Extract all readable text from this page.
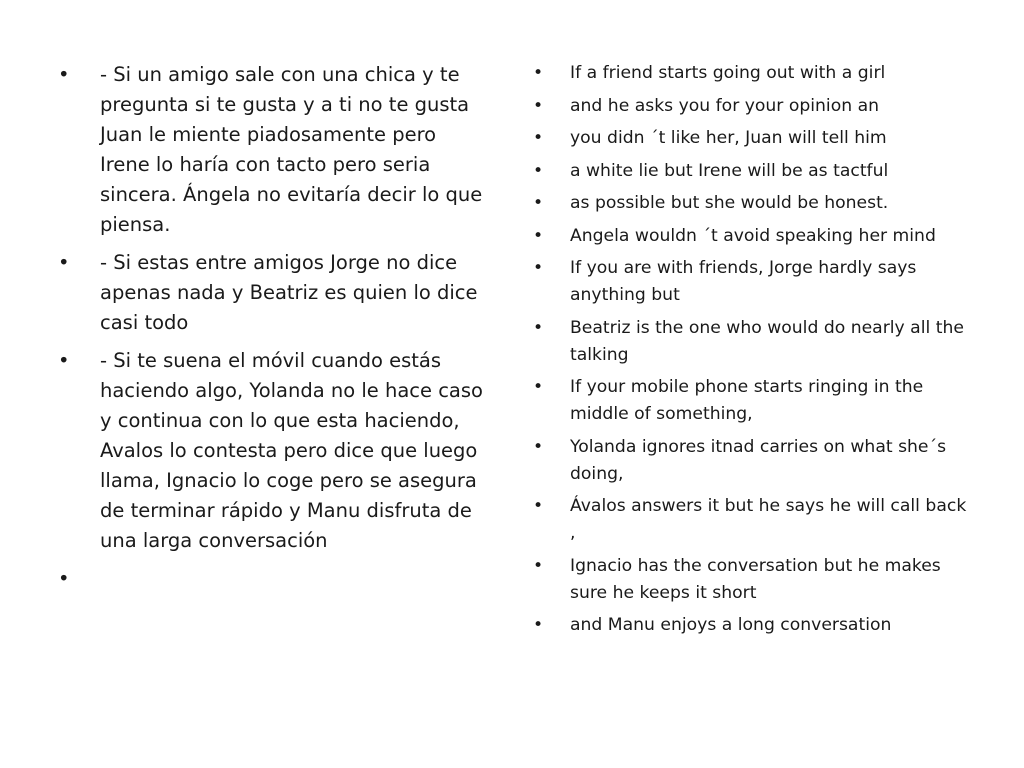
•	- Si un amigo sale con una chica y te pregunta si te gusta y a ti no te gusta Juan le miente piadosamente pero Irene lo haría con tacto pero seria sincera. Ángela no evitaría decir lo que piensa.
•	- Si estas entre amigos Jorge no dice apenas nada y Beatriz es quien lo dice casi todo
•	- Si te suena el móvil cuando estás haciendo algo, Yolanda no le hace caso y continua con lo que esta haciendo, Avalos lo contesta pero dice que luego llama, Ignacio lo coge pero se asegura de terminar rápido y Manu disfruta de una larga conversación
•
•	If a friend starts going out with a girl
•	and he asks you for your opinion an
•	you didn ´t like her, Juan will tell him
•	a white lie but Irene will be as tactful
•	as possible but she would be honest.
•	Angela wouldn ´t avoid speaking her mind
•	If you are with friends, Jorge hardly says anything but
•	Beatriz is the one who would do nearly all the talking
•	If your mobile phone starts ringing in the middle of something,
•	Yolanda ignores itnad carries on what she´s doing,
•	Ávalos answers it but he says he will call back ,
•	Ignacio has the conversation but he makes sure he keeps it short
•	and Manu enjoys a long conversation
